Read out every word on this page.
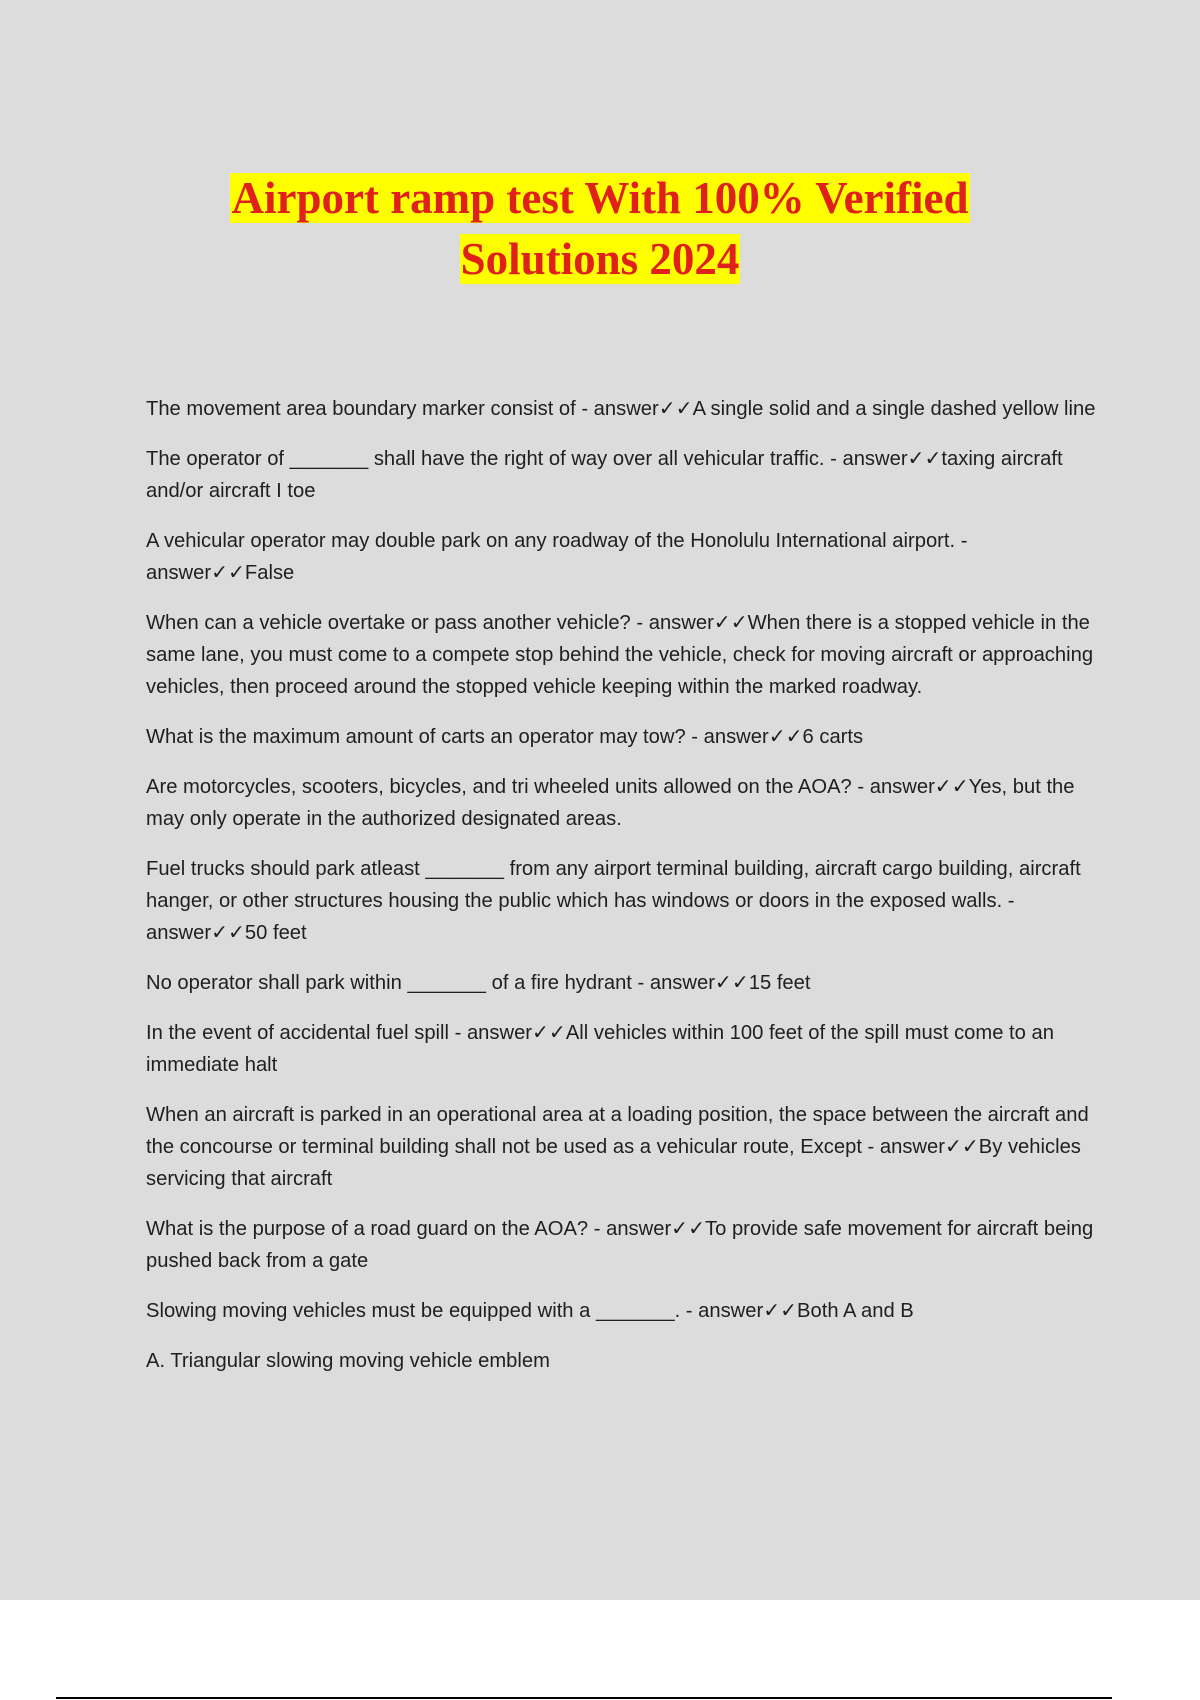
Airport ramp test With 100% Verified
Solutions 2024

The movement area boundary marker consist of - answer✓✓A single solid and a single dashed yellow line

The operator of _______ shall have the right of way over all vehicular traffic. - answer✓✓taxing aircraft and/or aircraft I toe

A vehicular operator may double park on any roadway of the Honolulu International airport. - answer✓✓False

When can a vehicle overtake or pass another vehicle? - answer✓✓When there is a stopped vehicle in the same lane, you must come to a compete stop behind the vehicle, check for moving aircraft or approaching vehicles, then proceed around the stopped vehicle keeping within the marked roadway.

What is the maximum amount of carts an operator may tow? - answer✓✓6 carts

Are motorcycles, scooters, bicycles, and tri wheeled units allowed on the AOA? - answer✓✓Yes, but the may only operate in the authorized designated areas.

Fuel trucks should park atleast _______ from any airport terminal building, aircraft cargo building, aircraft hanger, or other structures housing the public which has windows or doors in the exposed walls. - answer✓✓50 feet

No operator shall park within _______ of a fire hydrant - answer✓✓15 feet

In the event of accidental fuel spill - answer✓✓All vehicles within 100 feet of the spill must come to an immediate halt

When an aircraft is parked in an operational area at a loading position, the space between the aircraft and the concourse or terminal building shall not be used as a vehicular route, Except - answer✓✓By vehicles servicing that aircraft

What is the purpose of a road guard on the AOA? - answer✓✓To provide safe movement for aircraft being pushed back from a gate

Slowing moving vehicles must be equipped with a _______. - answer✓✓Both A and B

A. Triangular slowing moving vehicle emblem
